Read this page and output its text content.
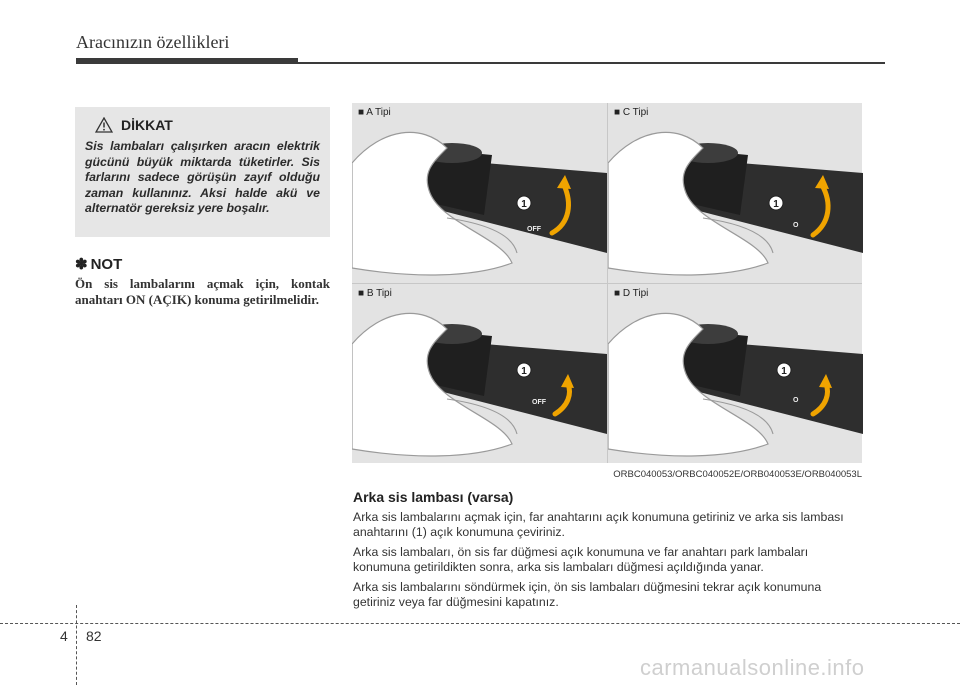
Aracınızın özellikleri
DİKKAT
Sis lambaları çalışırken aracın elektrik gücünü büyük miktarda tüketirler. Sis farlarını sadece görüşün zayıf olduğu zaman kullanınız. Aksi halde akü ve alternatör gereksiz yere boşalır.
✽ NOT
Ön sis lambalarını açmak için, kontak anahtarı ON (AÇIK) konuma getirilmelidir.
1
OFF
■ A Tipi
1
O
■ C Tipi
1
OFF
■ B Tipi
1
O
■ D Tipi
ORBC040053/ORBC040052E/ORB040053E/ORB040053L
Arka sis lambası (varsa)

Arka sis lambalarını açmak için, far anahtarını açık konumuna getiriniz ve arka sis lambası anahtarını (1) açık konumuna çeviriniz.

Arka sis lambaları, ön sis far düğmesi açık konumuna ve far anahtarı park lambaları konumuna getirildikten sonra, arka sis lambaları düğmesi açıldığında yanar.

Arka sis lambalarını söndürmek için, ön sis lambaları düğmesini tekrar açık konumuna getiriniz veya far düğmesini kapatınız.

4 82
carmanualsonline.info
